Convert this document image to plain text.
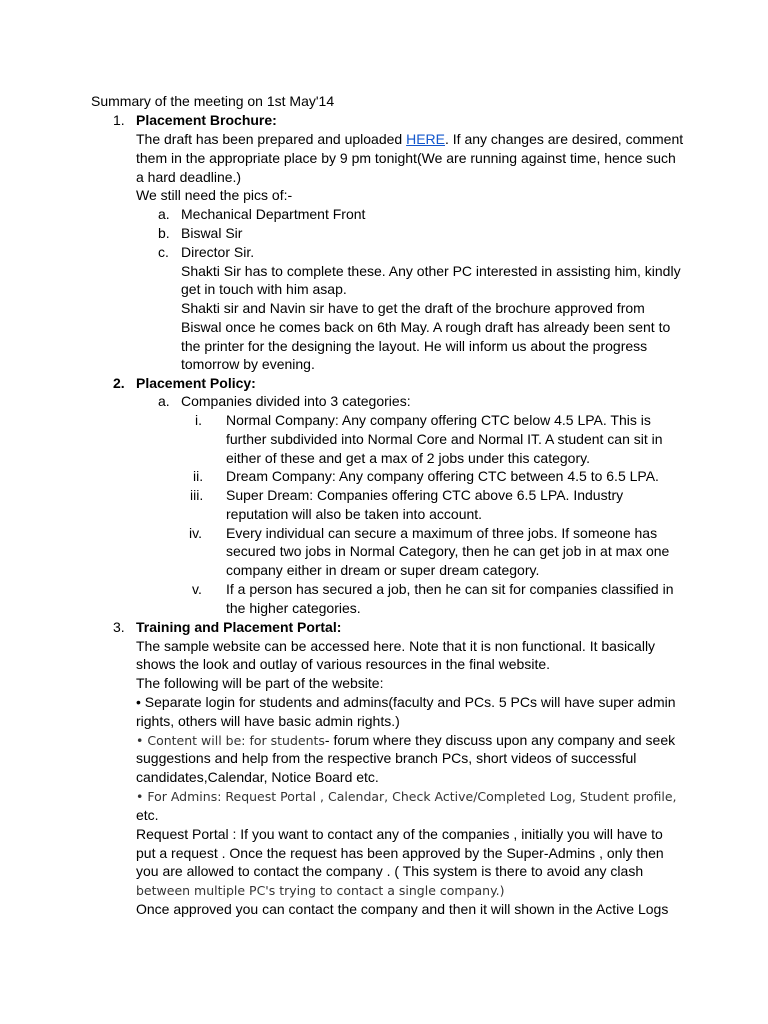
Summary of the meeting on 1st May'14
1. Placement Brochure:
The draft has been prepared and uploaded HERE. If any changes are desired, comment
them in the appropriate place by 9 pm tonight(We are running against time, hence such
a hard deadline.)
We still need the pics of:-
a. Mechanical Department Front
b. Biswal Sir
c. Director Sir.
Shakti Sir has to complete these. Any other PC interested in assisting him, kindly
get in touch with him asap.
Shakti sir and Navin sir have to get the draft of the brochure approved from
Biswal once he comes back on 6th May. A rough draft has already been sent to
the printer for the designing the layout. He will inform us about the progress
tomorrow by evening.
2. Placement Policy:
a. Companies divided into 3 categories:
i. Normal Company: Any company offering CTC below 4.5 LPA. This is
further subdivided into Normal Core and Normal IT. A student can sit in
either of these and get a max of 2 jobs under this category.
ii. Dream Company: Any company offering CTC between 4.5 to 6.5 LPA.
iii. Super Dream: Companies offering CTC above 6.5 LPA. Industry
reputation will also be taken into account.
iv. Every individual can secure a maximum of three jobs. If someone has
secured two jobs in Normal Category, then he can get job in at max one
company either in dream or super dream category.
v. If a person has secured a job, then he can sit for companies classified in
the higher categories.
3. Training and Placement Portal:
The sample website can be accessed here. Note that it is non functional. It basically
shows the look and outlay of various resources in the final website.
The following will be part of the website:
• Separate login for students and admins(faculty and PCs. 5 PCs will have super admin
rights, others will have basic admin rights.)
• Content will be: for students- forum where they discuss upon any company and seek
suggestions and help from the respective branch PCs, short videos of successful
candidates,Calendar, Notice Board etc.
• For Admins: Request Portal , Calendar, Check Active/Completed Log, Student profile,
etc.
Request Portal : If you want to contact any of the companies , initially you will have to
put a request . Once the request has been approved by the Super-Admins , only then
you are allowed to contact the company . ( This system is there to avoid any clash
between multiple PC's trying to contact a single company.)
Once approved you can contact the company and then it will shown in the Active Logs
